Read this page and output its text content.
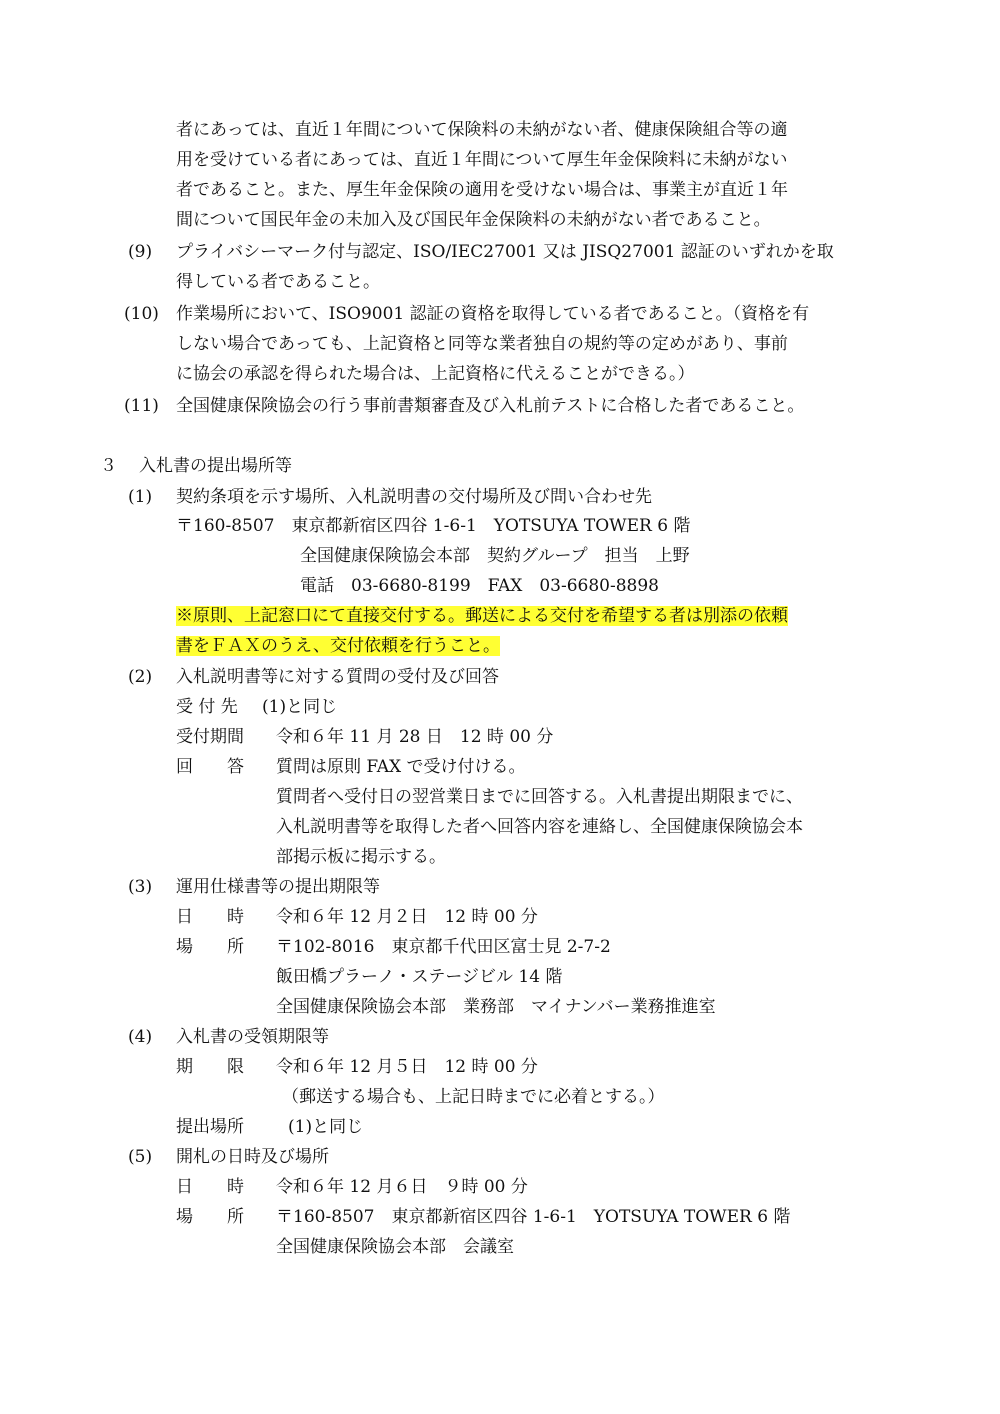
者にあっては、直近１年間について保険料の未納がない者、健康保険組合等の適
用を受けている者にあっては、直近１年間について厚生年金保険料に未納がない
者であること。また、厚生年金保険の適用を受けない場合は、事業主が直近１年
間について国民年金の未加入及び国民年金保険料の未納がない者であること。
(9) プライバシーマーク付与認定、ISO/IEC27001 又は JISQ27001 認証のいずれかを取
得している者であること。
(10) 作業場所において、ISO9001 認証の資格を取得している者であること。（資格を有
しない場合であっても、上記資格と同等な業者独自の規約等の定めがあり、事前
に協会の承認を得られた場合は、上記資格に代えることができる。）
(11) 全国健康保険協会の行う事前書類審査及び入札前テストに合格した者であること。
３ 入札書の提出場所等
(1) 契約条項を示す場所、入札説明書の交付場所及び問い合わせ先
〒160-8507　東京都新宿区四谷 1-6-1　YOTSUYA TOWER 6 階
全国健康保険協会本部　契約グループ　担当　上野
電話　03-6680-8199　FAX　03-6680-8898
※原則、上記窓口にて直接交付する。郵送による交付を希望する者は別添の依頼
書をＦＡＸのうえ、交付依頼を行うこと。
(2) 入札説明書等に対する質問の受付及び回答
受 付 先 (1)と同じ
受付期間 令和６年 11 月 28 日　12 時 00 分
回　　答 質問は原則 FAX で受け付ける。
質問者へ受付日の翌営業日までに回答する。入札書提出期限までに、
入札説明書等を取得した者へ回答内容を連絡し、全国健康保険協会本
部掲示板に掲示する。
(3) 運用仕様書等の提出期限等
日　　時 令和６年 12 月２日　12 時 00 分
場　　所 〒102-8016　東京都千代田区富士見 2-7-2
飯田橋プラーノ・ステージビル 14 階
全国健康保険協会本部　業務部　マイナンバー業務推進室
(4) 入札書の受領期限等
期　　限 令和６年 12 月５日　12 時 00 分
（郵送する場合も、上記日時までに必着とする。）
提出場所	(1)と同じ
(5) 開札の日時及び場所
日　　時 令和６年 12 月６日　９時 00 分
場　　所 〒160-8507　東京都新宿区四谷 1-6-1　YOTSUYA TOWER 6 階
全国健康保険協会本部　会議室
